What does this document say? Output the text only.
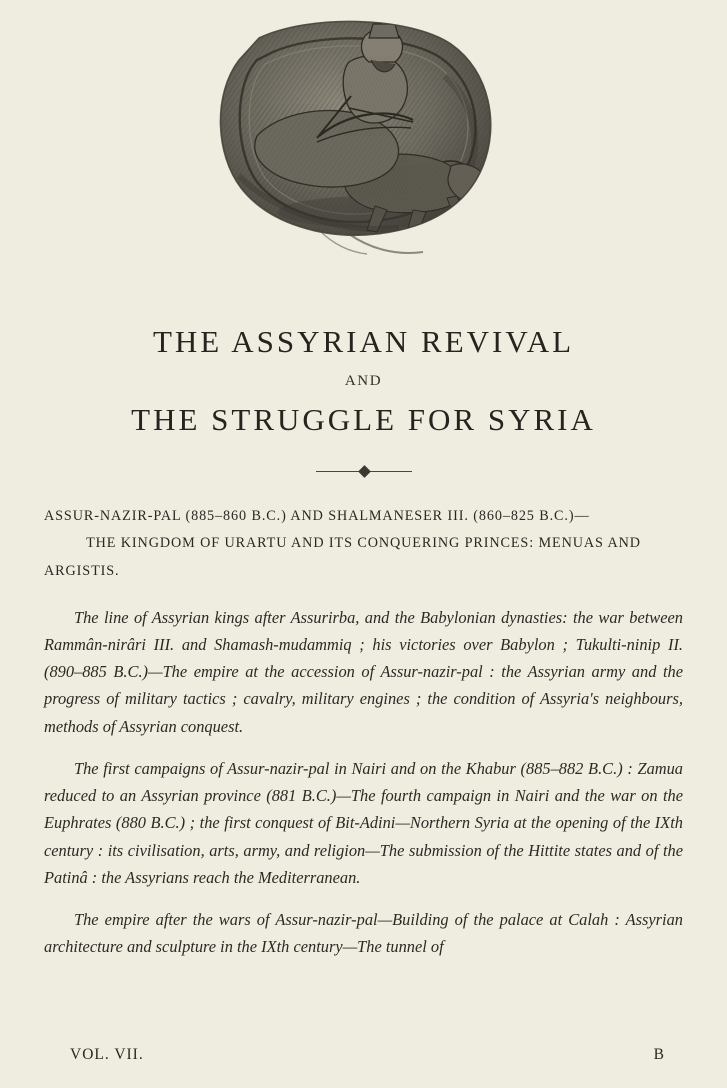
THE ASSYRIAN REVIVAL
AND
THE STRUGGLE FOR SYRIA
ASSUR-NAZIR-PAL (885–860 B.C.) AND SHALMANESER III. (860–825 B.C.)—
THE KINGDOM OF URARTU AND ITS CONQUERING PRINCES: MENUAS AND
ARGISTIS.

The line of Assyrian kings after Assurirba, and the Babylonian dynasties: the war between Rammân-nirâri III. and Shamash-mudammiq ; his victories over Babylon ; Tukulti-ninip II. (890–885 B.C.)—The empire at the accession of Assur-nazir-pal : the Assyrian army and the progress of military tactics ; cavalry, military engines ; the condition of Assyria's neighbours, methods of Assyrian conquest.

The first campaigns of Assur-nazir-pal in Nairi and on the Khabur (885–882 B.C.) : Zamua reduced to an Assyrian province (881 B.C.)—The fourth campaign in Nairi and the war on the Euphrates (880 B.C.) ; the first conquest of Bit-Adini—Northern Syria at the opening of the IXth century : its civilisation, arts, army, and religion—The submission of the Hittite states and of the Patinâ : the Assyrians reach the Mediterranean.

The empire after the wars of Assur-nazir-pal—Building of the palace at Calah : Assyrian architecture and sculpture in the IXth century—The tunnel of

VOL. VII.	B
